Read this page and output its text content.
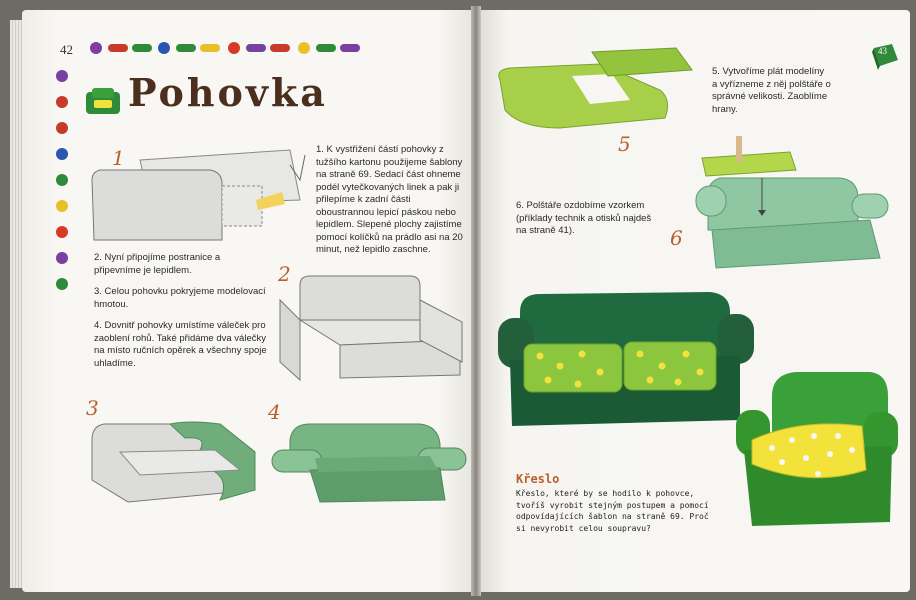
42
Pohovka
1
2
3	4
5
6
1. K vystřižení částí pohovky z tužšího kartonu použijeme šablony na straně 69. Sedací část ohneme podél vytečkovaných linek a pak ji přilepíme k zadní části oboustrannou lepicí páskou nebo lepidlem. Slepené plochy zajistíme pomocí kolíčků na prádlo asi na 20 minut, než lepidlo zaschne.

2. Nyní připojíme postranice a připevníme je lepidlem.

3. Celou pohovku pokryjeme modelovací hmotou.

4. Dovnitř pohovky umístíme váleček pro zaoblení rohů. Také přidáme dva válečky na místo ručních opěrek a všechny spoje uhladíme.

43
5. Vytvoříme plát modelíny a vyřízneme z něj polštáře o správné velikosti. Zaoblíme hrany.
6. Polštáře ozdobíme vzorkem (příklady technik a otisků najdeš na straně 41).
Křeslo
Křeslo, které by se hodilo k pohovce, tvoříš vyrobit stejným postupem a pomocí odpovídajících šablon na straně 69. Proč si nevyrobit celou soupravu?
